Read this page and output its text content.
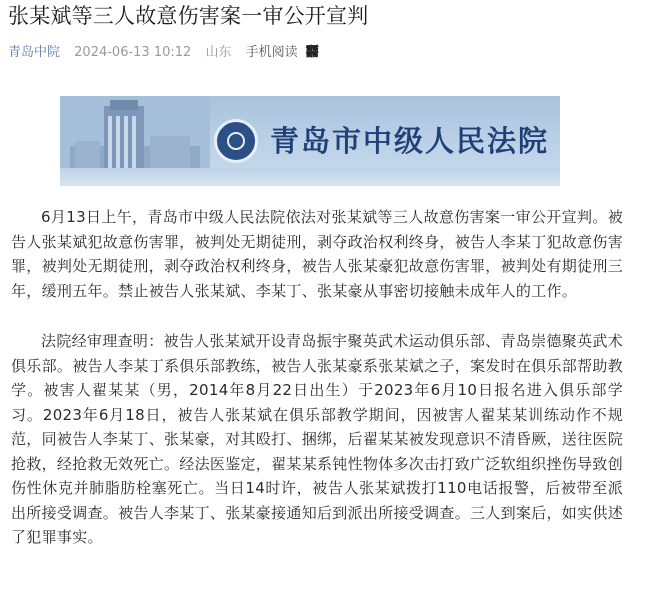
张某斌等三人故意伤害案一审公开宣判
青岛中院 2024-06-13 10:12 山东 手机阅读 䨻
青岛市中级人民法院

6月13日上午，青岛市中级人民法院依法对张某斌等三人故意伤害案一审公开宣判。被告人张某斌犯故意伤害罪，被判处无期徒刑，剥夺政治权利终身，被告人李某丁犯故意伤害罪，被判处无期徒刑，剥夺政治权利终身，被告人张某豪犯故意伤害罪，被判处有期徒刑三年，缓刑五年。禁止被告人张某斌、李某丁、张某豪从事密切接触未成年人的工作。

法院经审理查明：被告人张某斌开设青岛振宇聚英武术运动俱乐部、青岛崇德聚英武术俱乐部。被告人李某丁系俱乐部教练，被告人张某豪系张某斌之子，案发时在俱乐部帮助教学。被害人翟某某（男，2014年8月22日出生）于2023年6月10日报名进入俱乐部学习。2023年6月18日，被告人张某斌在俱乐部教学期间，因被害人翟某某训练动作不规范，同被告人李某丁、张某豪，对其殴打、捆绑，后翟某某被发现意识不清昏厥，送往医院抢救，经抢救无效死亡。经法医鉴定，翟某某系钝性物体多次击打致广泛软组织挫伤导致创伤性休克并肺脂肪栓塞死亡。当日14时许，被告人张某斌拨打110电话报警，后被带至派出所接受调查。被告人李某丁、张某豪接通知后到派出所接受调查。三人到案后，如实供述了犯罪事实。
